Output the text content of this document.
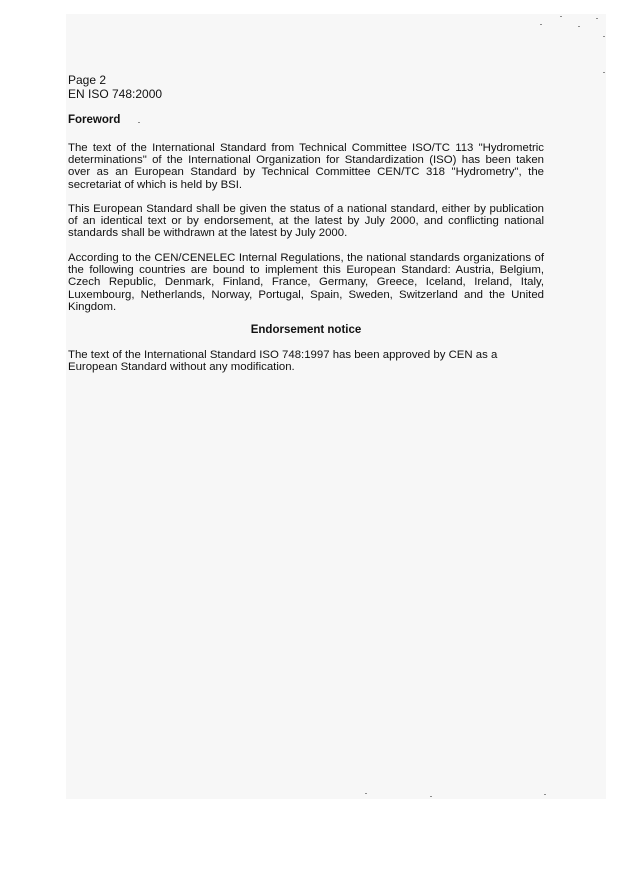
Page 2
EN ISO 748:2000
Foreword

The text of the International Standard from Technical Committee ISO/TC 113 "Hydrometric determinations" of the International Organization for Standardization (ISO) has been taken over as an European Standard by Technical Committee CEN/TC 318 "Hydrometry", the secretariat of which is held by BSI.

This European Standard shall be given the status of a national standard, either by publication of an identical text or by endorsement, at the latest by July 2000, and conflicting national standards shall be withdrawn at the latest by July 2000.

According to the CEN/CENELEC Internal Regulations, the national standards organizations of the following countries are bound to implement this European Standard: Austria, Belgium, Czech Republic, Denmark, Finland, France, Germany, Greece, Iceland, Ireland, Italy, Luxembourg, Netherlands, Norway, Portugal, Spain, Sweden, Switzerland and the United Kingdom.

Endorsement notice

The text of the International Standard ISO 748:1997 has been approved by CEN as a European Standard without any modification.
